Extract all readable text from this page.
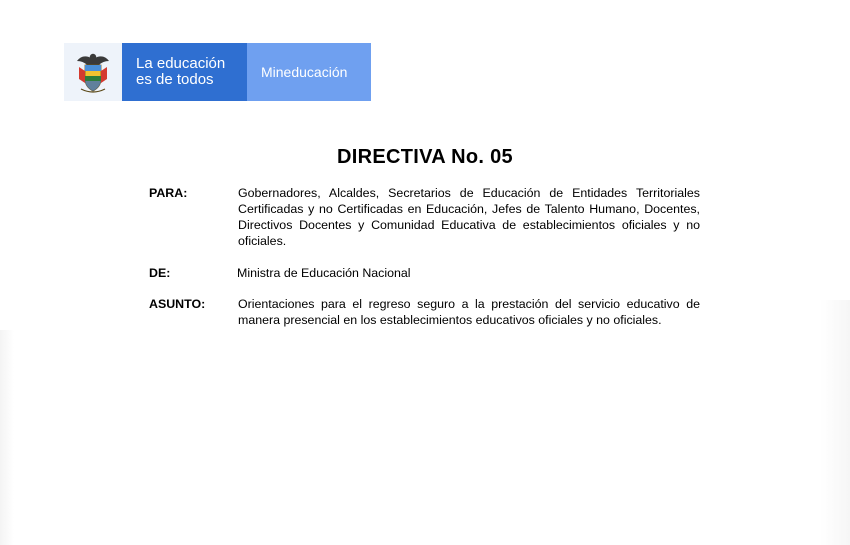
La educación
es de todos	Mineducación
DIRECTIVA No. 05
PARA:	Gobernadores, Alcaldes, Secretarios de Educación de Entidades Territoriales Certificadas y no Certificadas en Educación, Jefes de Talento Humano, Docentes, Directivos Docentes y Comunidad Educativa de establecimientos oficiales y no oficiales.
DE:	Ministra de Educación Nacional
ASUNTO:	Orientaciones para el regreso seguro a la prestación del servicio educativo de manera presencial en los establecimientos educativos oficiales y no oficiales.
